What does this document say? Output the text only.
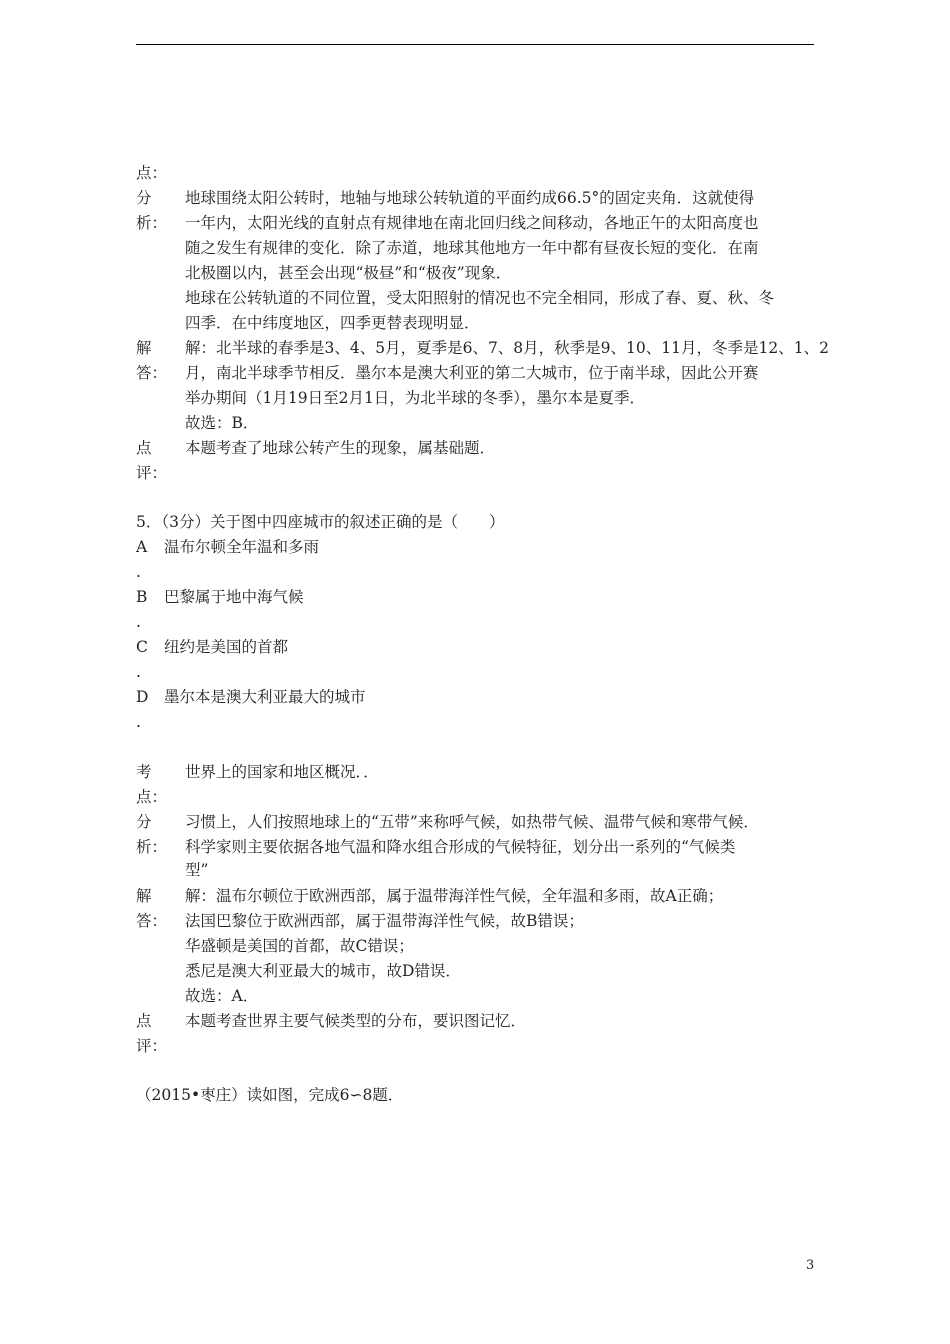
点：
分
析：
地球围绕太阳公转时，地轴与地球公转轨道的平面约成66.5°的固定夹角．这就使得
一年内，太阳光线的直射点有规律地在南北回归线之间移动，各地正午的太阳高度也
随之发生有规律的变化．除了赤道，地球其他地方一年中都有昼夜长短的变化．在南
北极圈以内，甚至会出现“极昼”和“极夜”现象．
地球在公转轨道的不同位置，受太阳照射的情况也不完全相同，形成了春、夏、秋、冬
四季．在中纬度地区，四季更替表现明显．
解
答：
解：北半球的春季是3、4、5月，夏季是6、7、8月，秋季是9、10、11月，冬季是12、1、2
月，南北半球季节相反．墨尔本是澳大利亚的第二大城市，位于南半球，因此公开赛
举办期间（1月19日至2月1日，为北半球的冬季），墨尔本是夏季．
故选：B．
点
评：
本题考查了地球公转产生的现象，属基础题．
5．（3分）关于图中四座城市的叙述正确的是（　　）
A 温布尔顿全年温和多雨
.
B 巴黎属于地中海气候
.
C 纽约是美国的首都
.
D 墨尔本是澳大利亚最大的城市
.
考
点：
世界上的国家和地区概况．．
分
析：
习惯上，人们按照地球上的“五带”来称呼气候，如热带气候、温带气候和寒带气候．
科学家则主要依据各地气温和降水组合形成的气候特征，划分出一系列的“气候类
型”
解
答：
解：温布尔顿位于欧洲西部，属于温带海洋性气候，全年温和多雨，故A正确；
法国巴黎位于欧洲西部，属于温带海洋性气候，故B错误；
华盛顿是美国的首都，故C错误；
悉尼是澳大利亚最大的城市，故D错误．
故选：A．
点
评：
本题考查世界主要气候类型的分布，要识图记忆．
（2015•枣庄）读如图，完成6∽8题．
3
